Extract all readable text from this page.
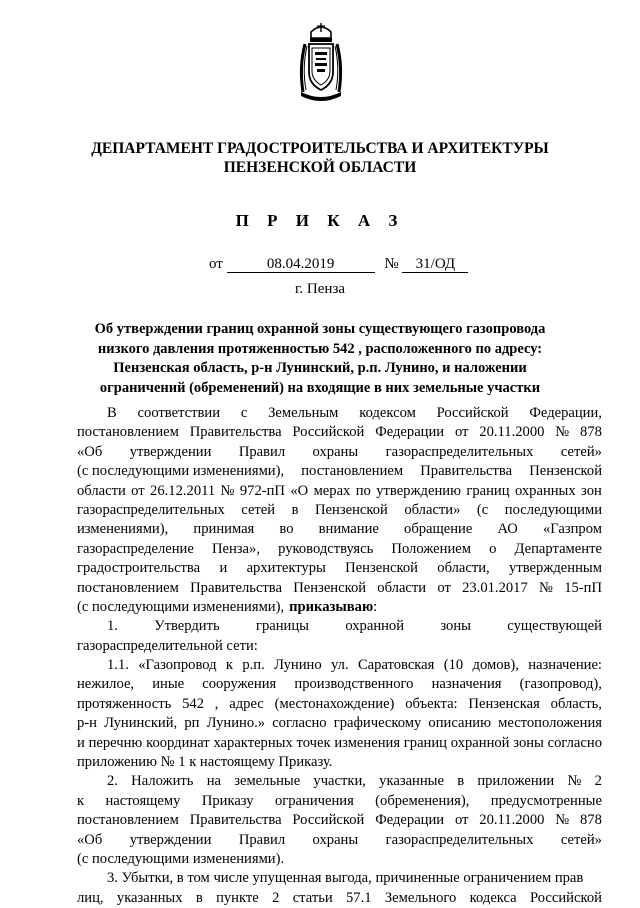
ДЕПАРТАМЕНТ ГРАДОСТРОИТЕЛЬСТВА И АРХИТЕКТУРЫ
ПЕНЗЕНСКОЙ ОБЛАСТИ
П Р И К А З
от	08.04.2019	№ 31/ОД
г. Пенза
Об утверждении границ охранной зоны существующего газопровода
низкого давления протяженностью 542 , расположенного по адресу:
Пензенская область, р-н Лунинский, р.п. Лунино, и наложении
ограничений (обременений) на входящие в них земельные участки
В соответствии с Земельным кодексом Российской Федерации,
постановлением Правительства Российской Федерации от 20.11.2000 № 878
«Об утверждении Правил охраны газораспределительных сетей»
(с последующими изменениями), постановлением Правительства Пензенской
области от 26.12.2011 № 972-пП «О мерах по утверждению границ охранных зон
газораспределительных сетей в Пензенской области» (с последующими
изменениями), принимая во внимание обращение АО «Газпром
газораспределение Пенза», руководствуясь Положением о Департаменте
градостроительства и архитектуры Пензенской области, утвержденным
постановлением Правительства Пензенской области от 23.01.2017 № 15-пП
(с последующими изменениями), приказываю :
1. Утвердить границы охранной зоны существующей
газораспределительной сети:
1.1. «Газопровод к р.п. Лунино ул. Саратовская (10 домов), назначение:
нежилое, иные сооружения производственного назначения (газопровод),
протяженность 542 , адрес (местонахождение) объекта: Пензенская область,
р-н Лунинский, рп Лунино.» согласно графическому описанию местоположения
и перечню координат характерных точек изменения границ охранной зоны согласно
приложению № 1 к настоящему Приказу.
2. Наложить на земельные участки, указанные в приложении № 2
к настоящему Приказу ограничения (обременения), предусмотренные
постановлением Правительства Российской Федерации от 20.11.2000 № 878
«Об утверждении Правил охраны газораспределительных сетей»
(с последующими изменениями).
3. Убытки, в том числе упущенная выгода, причиненные ограничением прав
лиц, указанных в пункте 2 статьи 57.1 Земельного кодекса Российской
